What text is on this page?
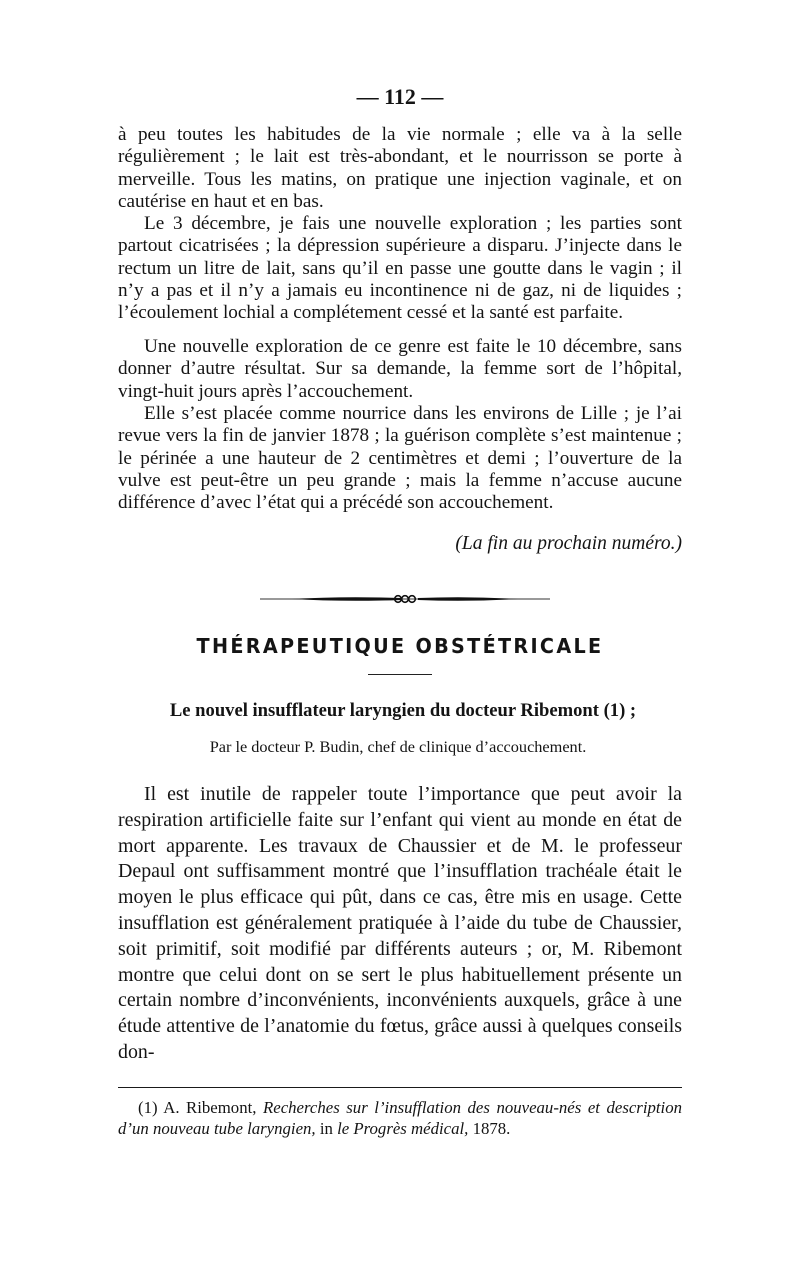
— 112 —

à peu toutes les habitudes de la vie normale ; elle va à la selle régulièrement ; le lait est très-abondant, et le nourrisson se porte à merveille. Tous les matins, on pratique une injection vaginale, et on cautérise en haut et en bas.

Le 3 décembre, je fais une nouvelle exploration ; les parties sont partout cicatrisées ; la dépression supérieure a disparu. J’injecte dans le rectum un litre de lait, sans qu’il en passe une goutte dans le vagin ; il n’y a pas et il n’y a jamais eu incontinence ni de gaz, ni de liquides ; l’écoulement lochial a complétement cessé et la santé est parfaite.

Une nouvelle exploration de ce genre est faite le 10 décembre, sans donner d’autre résultat. Sur sa demande, la femme sort de l’hôpital, vingt-huit jours après l’accouchement.

Elle s’est placée comme nourrice dans les environs de Lille ; je l’ai revue vers la fin de janvier 1878 ; la guérison complète s’est maintenue ; le périnée a une hauteur de 2 centimètres et demi ; l’ouverture de la vulve est peut-être un peu grande ; mais la femme n’accuse aucune différence d’avec l’état qui a précédé son accouchement.

(La fin au prochain numéro.)
THÉRAPEUTIQUE OBSTÉTRICALE
Le nouvel insufflateur laryngien du docteur Ribemont (1) ;
Par le docteur P. Budin, chef de clinique d’accouchement.

Il est inutile de rappeler toute l’importance que peut avoir la respiration artificielle faite sur l’enfant qui vient au monde en état de mort apparente. Les travaux de Chaussier et de M. le professeur Depaul ont suffisamment montré que l’insufflation trachéale était le moyen le plus efficace qui pût, dans ce cas, être mis en usage. Cette insufflation est généralement pratiquée à l’aide du tube de Chaussier, soit primitif, soit modifié par différents auteurs ; or, M. Ribemont montre que celui dont on se sert le plus habituellement présente un certain nombre d’inconvénients, inconvénients auxquels, grâce à une étude attentive de l’anatomie du fœtus, grâce aussi à quelques conseils don-

(1) A. Ribemont, Recherches sur l’insufflation des nouveau-nés et description d’un nouveau tube laryngien, in le Progrès médical, 1878.
